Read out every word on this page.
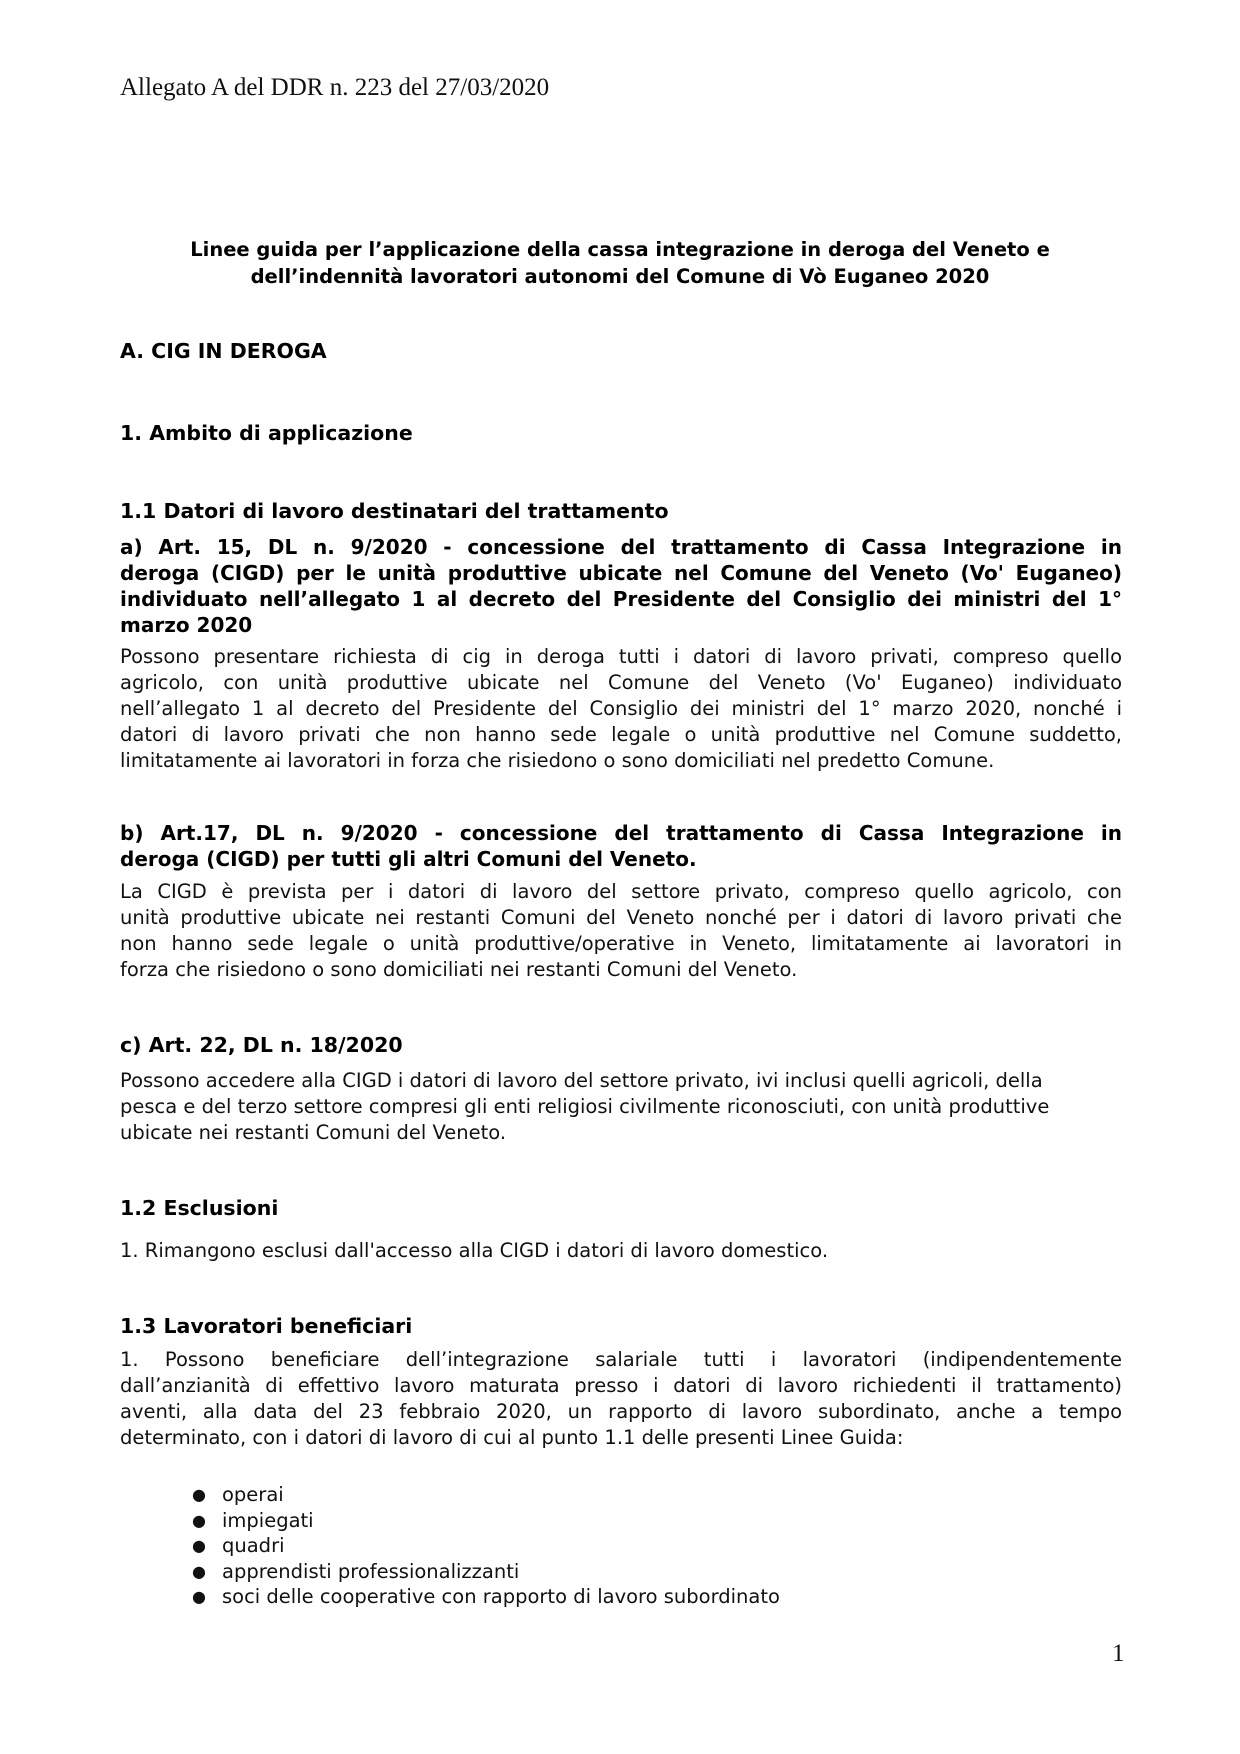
Allegato A del DDR n. 223 del 27/03/2020
Linee guida per l’applicazione della cassa integrazione in deroga del Veneto e
dell’indennità lavoratori autonomi del Comune di Vò Euganeo 2020
A. CIG IN DEROGA
1. Ambito di applicazione
1.1 Datori di lavoro destinatari del trattamento
a) Art. 15, DL n. 9/2020 - concessione del trattamento di Cassa Integrazione in
deroga (CIGD) per le unità produttive ubicate nel Comune del Veneto (Vo' Euganeo)
individuato nell’allegato 1 al decreto del Presidente del Consiglio dei ministri del 1°
marzo 2020
Possono presentare richiesta di cig in deroga tutti i datori di lavoro privati, compreso quello
agricolo, con unità produttive ubicate nel Comune del Veneto (Vo' Euganeo) individuato
nell’allegato 1 al decreto del Presidente del Consiglio dei ministri del 1° marzo 2020, nonché i
datori di lavoro privati che non hanno sede legale o unità produttive nel Comune suddetto,
limitatamente ai lavoratori in forza che risiedono o sono domiciliati nel predetto Comune.
b) Art.17, DL n. 9/2020 - concessione del trattamento di Cassa Integrazione in
deroga (CIGD) per tutti gli altri Comuni del Veneto.
La CIGD è prevista per i datori di lavoro del settore privato, compreso quello agricolo, con
unità produttive ubicate nei restanti Comuni del Veneto nonché per i datori di lavoro privati che
non hanno sede legale o unità produttive/operative in Veneto, limitatamente ai lavoratori in
forza che risiedono o sono domiciliati nei restanti Comuni del Veneto.
c) Art. 22, DL n. 18/2020
Possono accedere alla CIGD i datori di lavoro del settore privato, ivi inclusi quelli agricoli, della
pesca e del terzo settore compresi gli enti religiosi civilmente riconosciuti, con unità produttive
ubicate nei restanti Comuni del Veneto.
1.2 Esclusioni
1. Rimangono esclusi dall'accesso alla CIGD i datori di lavoro domestico.
1.3 Lavoratori beneficiari
1. Possono beneficiare dell’integrazione salariale tutti i lavoratori (indipendentemente
dall’anzianità di effettivo lavoro maturata presso i datori di lavoro richiedenti il trattamento)
aventi, alla data del 23 febbraio 2020, un rapporto di lavoro subordinato, anche a tempo
determinato, con i datori di lavoro di cui al punto 1.1 delle presenti Linee Guida:
● operai
● impiegati
● quadri
● apprendisti professionalizzanti
● soci delle cooperative con rapporto di lavoro subordinato
1
